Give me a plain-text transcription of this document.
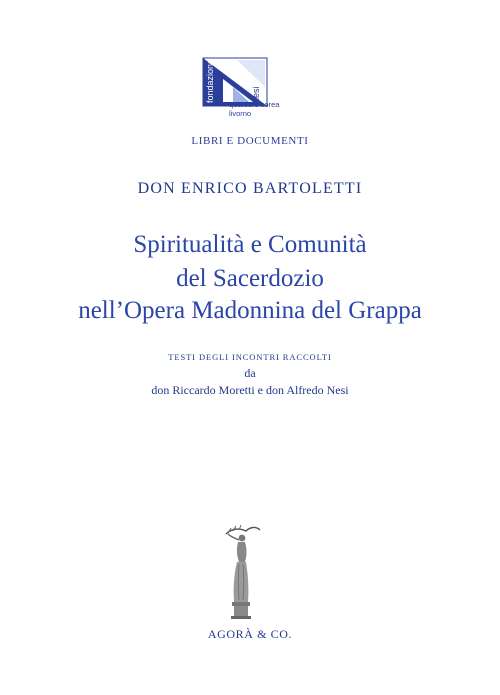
fondazione	nesi
quartiere corea
livorno
LIBRI E DOCUMENTI
DON ENRICO BARTOLETTI
Spiritualità e Comunità
del Sacerdozio
nell’Opera Madonnina del Grappa
TESTI DEGLI INCONTRI RACCOLTI
da
don Riccardo Moretti e don Alfredo Nesi
AGORÀ & CO.
